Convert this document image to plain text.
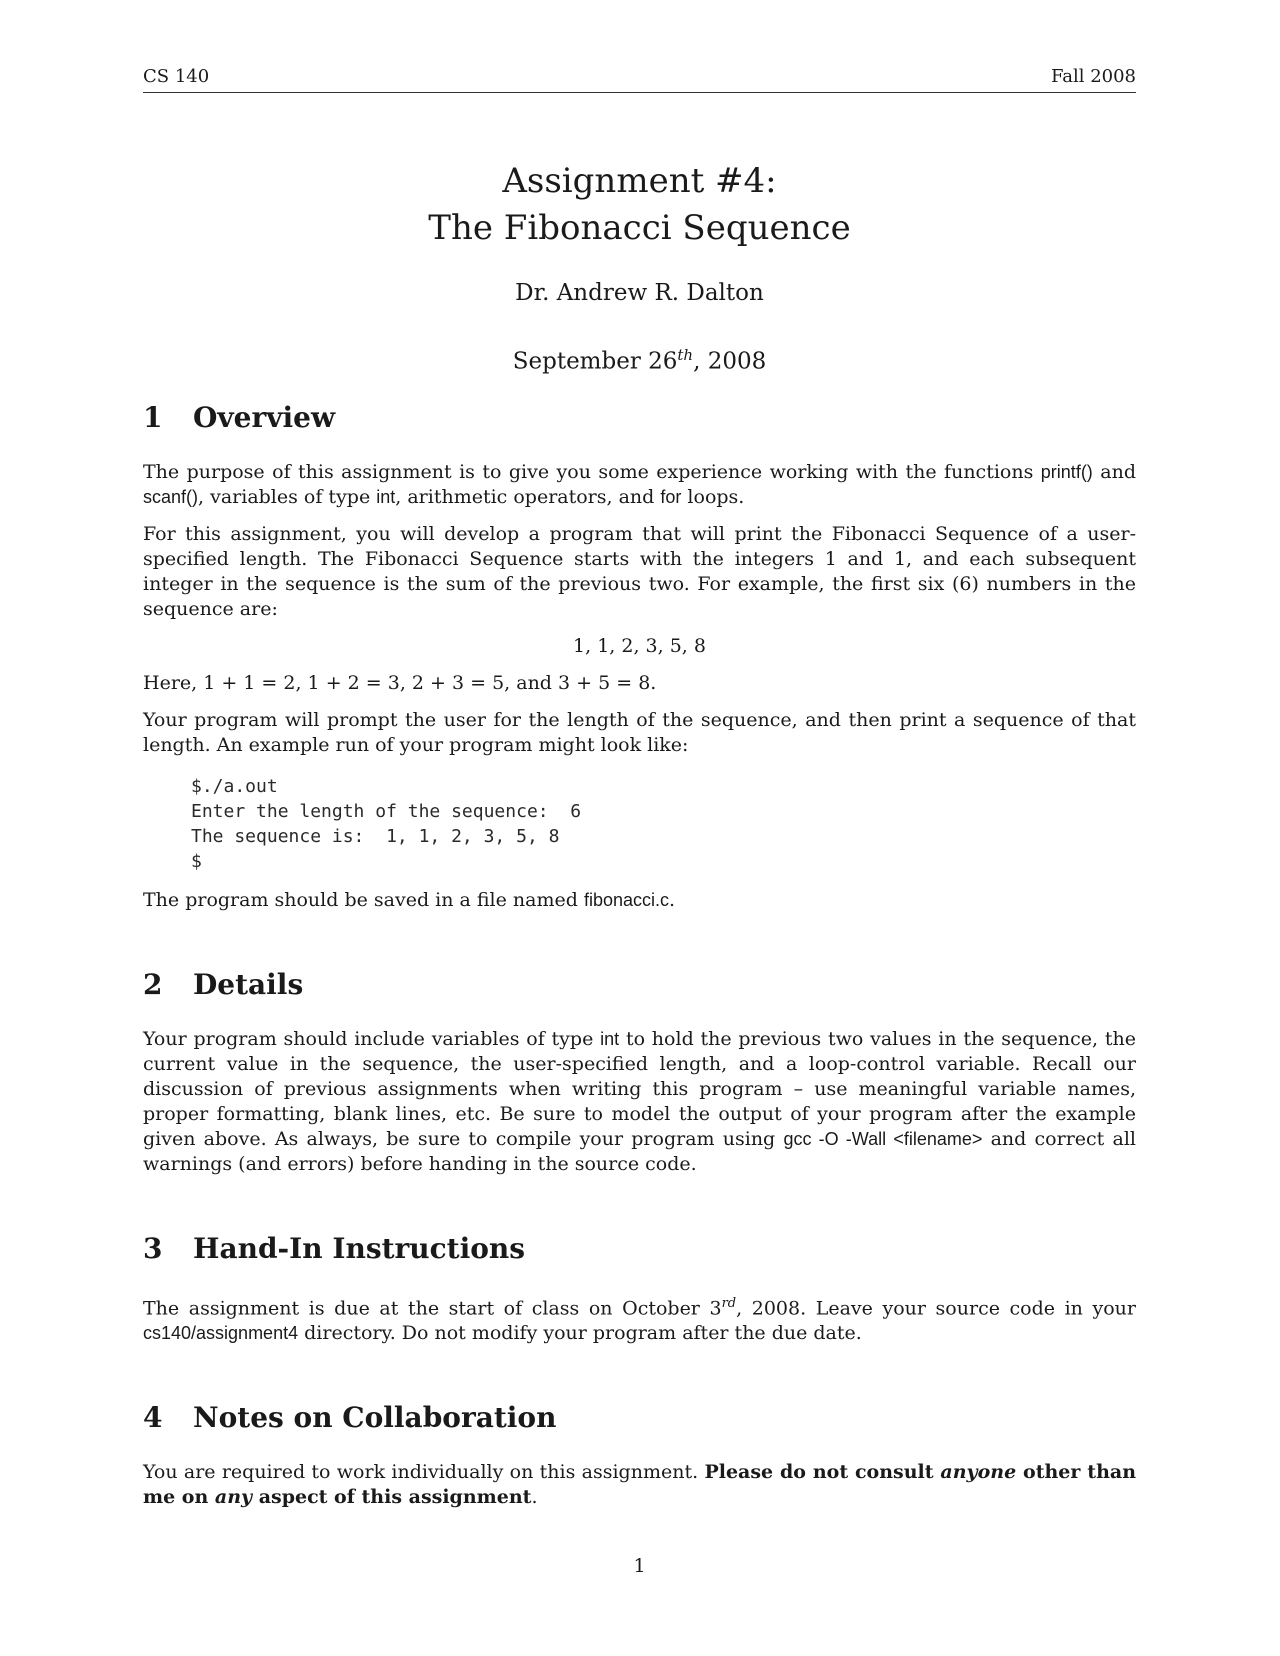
CS 140	Fall 2008
Assignment #4:
The Fibonacci Sequence
Dr. Andrew R. Dalton
September 26th, 2008
1	Overview

The purpose of this assignment is to give you some experience working with the functions printf() and scanf(), variables of type int, arithmetic operators, and for loops.

For this assignment, you will develop a program that will print the Fibonacci Sequence of a user-specified length. The Fibonacci Sequence starts with the integers 1 and 1, and each subsequent integer in the sequence is the sum of the previous two. For example, the first six (6) numbers in the sequence are:

1, 1, 2, 3, 5, 8

Here, 1 + 1 = 2, 1 + 2 = 3, 2 + 3 = 5, and 3 + 5 = 8.

Your program will prompt the user for the length of the sequence, and then print a sequence of that length. An example run of your program might look like:

$./a.out
Enter the length of the sequence:  6
The sequence is:  1, 1, 2, 3, 5, 8
$

The program should be saved in a file named fibonacci.c.

2	Details

Your program should include variables of type int to hold the previous two values in the sequence, the current value in the sequence, the user-specified length, and a loop-control variable. Recall our discussion of previous assignments when writing this program – use meaningful variable names, proper formatting, blank lines, etc. Be sure to model the output of your program after the example given above. As always, be sure to compile your program using gcc -O -Wall <filename> and correct all warnings (and errors) before handing in the source code.

3	Hand-In Instructions

The assignment is due at the start of class on October 3rd, 2008. Leave your source code in your cs140/assignment4 directory. Do not modify your program after the due date.

4	Notes on Collaboration

You are required to work individually on this assignment. Please do not consult anyone other than me on any aspect of this assignment.

1
